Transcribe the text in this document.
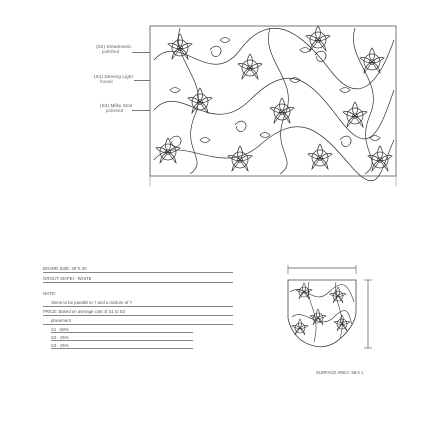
(S2) Sreamsonic
polished
(S1) Dersing Light
honed
(S3) Milky Sms
polished
BOARD SIZE: 26"X 20
GROUT: MAPEI - WHITE
NOTE:
Stone to be parallel to ? and a mixture of ?
PRICE: Based on average cost of S1 to S3
placement
S1 - 50%
S2 - 25%
S3 - 25%
SURFACE AREA: 58.5 1
